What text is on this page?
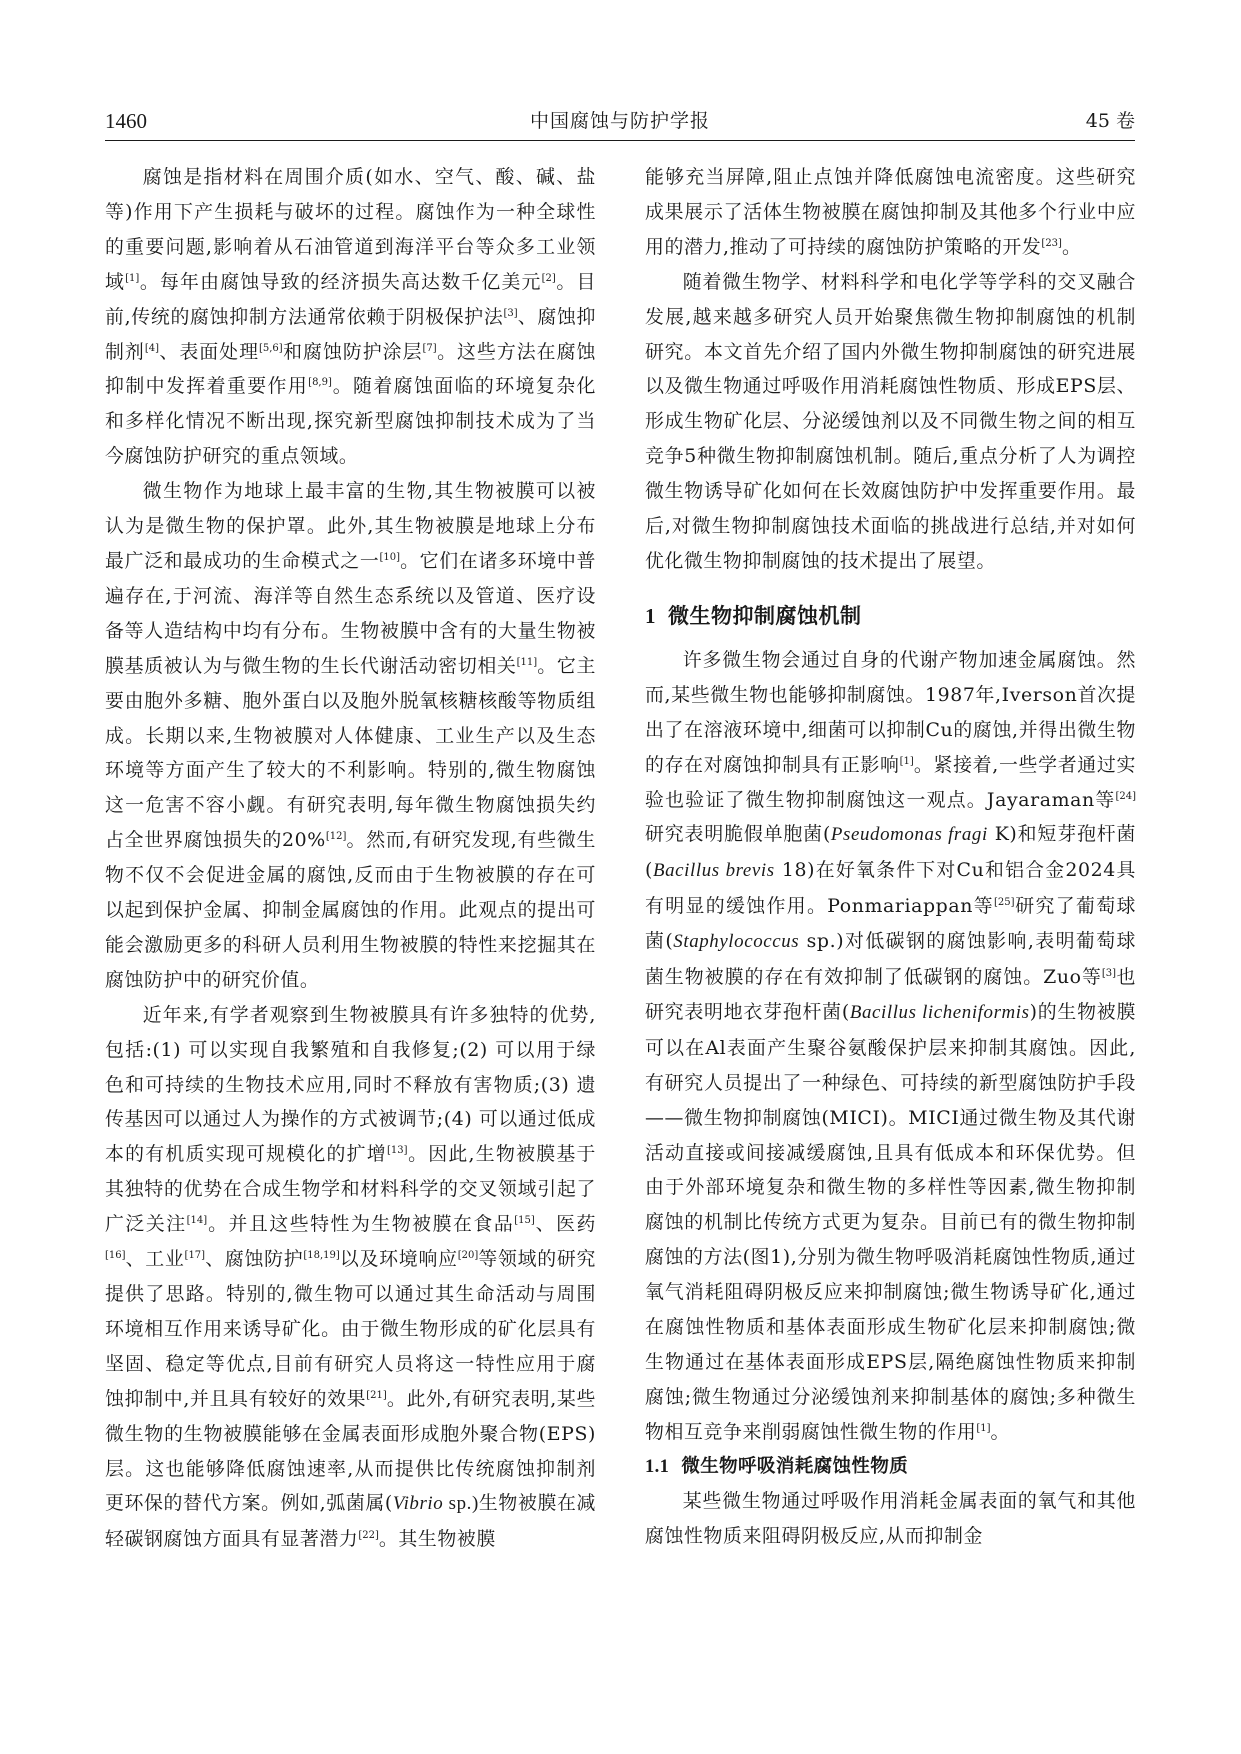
1460	中国腐蚀与防护学报	45 卷

腐蚀是指材料在周围介质(如水、空气、酸、碱、盐等)作用下产生损耗与破坏的过程。腐蚀作为一种全球性的重要问题,影响着从石油管道到海洋平台等众多工业领域[1]。每年由腐蚀导致的经济损失高达数千亿美元[2]。目前,传统的腐蚀抑制方法通常依赖于阴极保护法[3]、腐蚀抑制剂[4]、表面处理[5,6]和腐蚀防护涂层[7]。这些方法在腐蚀抑制中发挥着重要作用[8,9]。随着腐蚀面临的环境复杂化和多样化情况不断出现,探究新型腐蚀抑制技术成为了当今腐蚀防护研究的重点领域。

微生物作为地球上最丰富的生物,其生物被膜可以被认为是微生物的保护罩。此外,其生物被膜是地球上分布最广泛和最成功的生命模式之一[10]。它们在诸多环境中普遍存在,于河流、海洋等自然生态系统以及管道、医疗设备等人造结构中均有分布。生物被膜中含有的大量生物被膜基质被认为与微生物的生长代谢活动密切相关[11]。它主要由胞外多糖、胞外蛋白以及胞外脱氧核糖核酸等物质组成。长期以来,生物被膜对人体健康、工业生产以及生态环境等方面产生了较大的不利影响。特别的,微生物腐蚀这一危害不容小觑。有研究表明,每年微生物腐蚀损失约占全世界腐蚀损失的20%[12]。然而,有研究发现,有些微生物不仅不会促进金属的腐蚀,反而由于生物被膜的存在可以起到保护金属、抑制金属腐蚀的作用。此观点的提出可能会激励更多的科研人员利用生物被膜的特性来挖掘其在腐蚀防护中的研究价值。

近年来,有学者观察到生物被膜具有许多独特的优势,包括:(1) 可以实现自我繁殖和自我修复;(2) 可以用于绿色和可持续的生物技术应用,同时不释放有害物质;(3) 遗传基因可以通过人为操作的方式被调节;(4) 可以通过低成本的有机质实现可规模化的扩增[13]。因此,生物被膜基于其独特的优势在合成生物学和材料科学的交叉领域引起了广泛关注[14]。并且这些特性为生物被膜在食品[15]、医药[16]、工业[17]、腐蚀防护[18,19]以及环境响应[20]等领域的研究提供了思路。特别的,微生物可以通过其生命活动与周围环境相互作用来诱导矿化。由于微生物形成的矿化层具有坚固、稳定等优点,目前有研究人员将这一特性应用于腐蚀抑制中,并且具有较好的效果[21]。此外,有研究表明,某些微生物的生物被膜能够在金属表面形成胞外聚合物(EPS)层。这也能够降低腐蚀速率,从而提供比传统腐蚀抑制剂更环保的替代方案。例如,弧菌属(Vibrio sp.)生物被膜在减轻碳钢腐蚀方面具有显著潜力[22]。其生物被膜

能够充当屏障,阻止点蚀并降低腐蚀电流密度。这些研究成果展示了活体生物被膜在腐蚀抑制及其他多个行业中应用的潜力,推动了可持续的腐蚀防护策略的开发[23]。

随着微生物学、材料科学和电化学等学科的交叉融合发展,越来越多研究人员开始聚焦微生物抑制腐蚀的机制研究。本文首先介绍了国内外微生物抑制腐蚀的研究进展以及微生物通过呼吸作用消耗腐蚀性物质、形成EPS层、形成生物矿化层、分泌缓蚀剂以及不同微生物之间的相互竞争5种微生物抑制腐蚀机制。随后,重点分析了人为调控微生物诱导矿化如何在长效腐蚀防护中发挥重要作用。最后,对微生物抑制腐蚀技术面临的挑战进行总结,并对如何优化微生物抑制腐蚀的技术提出了展望。

1 微生物抑制腐蚀机制

许多微生物会通过自身的代谢产物加速金属腐蚀。然而,某些微生物也能够抑制腐蚀。1987年,Iverson首次提出了在溶液环境中,细菌可以抑制Cu的腐蚀,并得出微生物的存在对腐蚀抑制具有正影响[1]。紧接着,一些学者通过实验也验证了微生物抑制腐蚀这一观点。Jayaraman等[24]研究表明脆假单胞菌(Pseudomonas fragi K)和短芽孢杆菌(Bacillus brevis 18)在好氧条件下对Cu和铝合金2024具有明显的缓蚀作用。Ponmariappan等[25]研究了葡萄球菌(Staphylococcus sp.)对低碳钢的腐蚀影响,表明葡萄球菌生物被膜的存在有效抑制了低碳钢的腐蚀。Zuo等[3]也研究表明地衣芽孢杆菌(Bacillus licheniformis)的生物被膜可以在Al表面产生聚谷氨酸保护层来抑制其腐蚀。因此,有研究人员提出了一种绿色、可持续的新型腐蚀防护手段——微生物抑制腐蚀(MICI)。MICI通过微生物及其代谢活动直接或间接减缓腐蚀,且具有低成本和环保优势。但由于外部环境复杂和微生物的多样性等因素,微生物抑制腐蚀的机制比传统方式更为复杂。目前已有的微生物抑制腐蚀的方法(图1),分别为微生物呼吸消耗腐蚀性物质,通过氧气消耗阻碍阴极反应来抑制腐蚀;微生物诱导矿化,通过在腐蚀性物质和基体表面形成生物矿化层来抑制腐蚀;微生物通过在基体表面形成EPS层,隔绝腐蚀性物质来抑制腐蚀;微生物通过分泌缓蚀剂来抑制基体的腐蚀;多种微生物相互竞争来削弱腐蚀性微生物的作用[1]。

1.1 微生物呼吸消耗腐蚀性物质

某些微生物通过呼吸作用消耗金属表面的氧气和其他腐蚀性物质来阻碍阴极反应,从而抑制金
